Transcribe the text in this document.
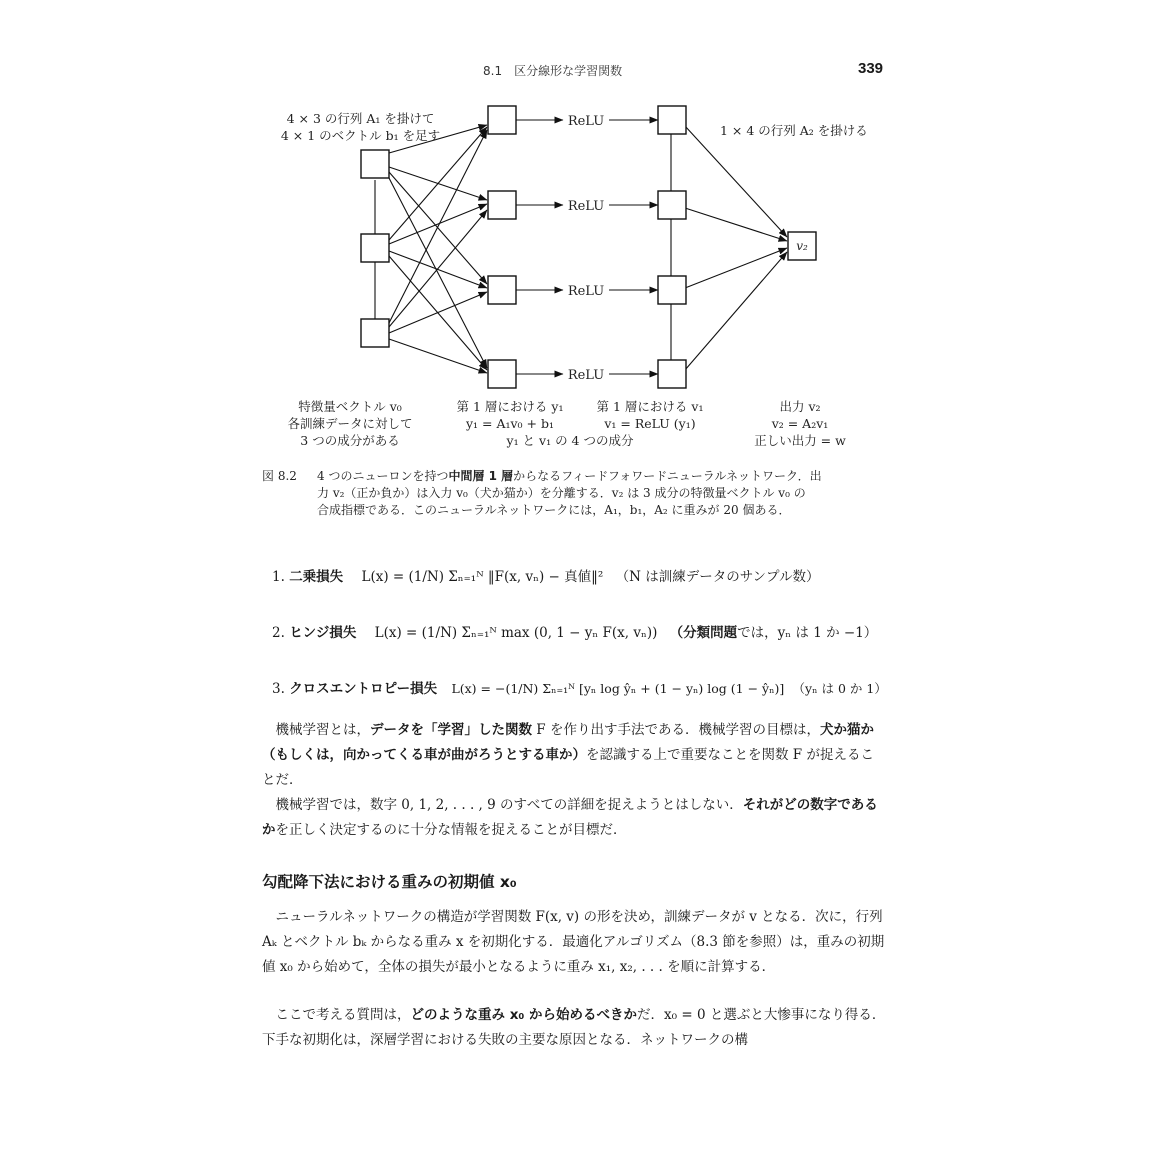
8.1　区分線形な学習関数	339
ReLU
ReLU
ReLU
ReLU
v₂
4 × 3 の行列 A₁ を掛けて
4 × 1 のベクトル b₁ を足す	1 × 4 の行列 A₂ を掛ける
特徴量ベクトル v₀
各訓練データに対して
3 つの成分がある
第 1 層における y₁
y₁ = A₁v₀ + b₁
第 1 層における v₁
v₁ = ReLU (y₁)
y₁ と v₁ の 4 つの成分
出力 v₂
v₂ = A₂v₁
正しい出力 = w
図 8.2	4 つのニューロンを持つ中間層 1 層からなるフィードフォワードニューラルネットワーク．出
力 v₂（正か負か）は入力 v₀（犬か猫か）を分離する．v₂ は 3 成分の特徴量ベクトル v₀ の
合成指標である．このニューラルネットワークには，A₁，b₁，A₂ に重みが 20 個ある．
1. 二乗損失 L(x) = (1/N) Σₙ₌₁ᴺ ‖F(x, vₙ) − 真値‖² （N は訓練データのサンプル数）
2. ヒンジ損失 L(x) = (1/N) Σₙ₌₁ᴺ max (0, 1 − yₙ F(x, vₙ)) （分類問題では，yₙ は 1 か −1）
3. クロスエントロピー損失 L(x) = −(1/N) Σₙ₌₁ᴺ [yₙ log ŷₙ + (1 − yₙ) log (1 − ŷₙ)] （yₙ は 0 か 1）
機械学習とは，データを「学習」した関数 F を作り出す手法である．機械学習の目標は，犬か猫か（もしくは，向かってくる車が曲がろうとする車か）を認識する上で重要なことを関数 F が捉えることだ．
機械学習では，数字 0, 1, 2, . . . , 9 のすべての詳細を捉えようとはしない．それがどの数字であるかを正しく決定するのに十分な情報を捉えることが目標だ．
勾配降下法における重みの初期値 x₀
ニューラルネットワークの構造が学習関数 F(x, v) の形を決め，訓練データが v となる．次に，行列 Aₖ とベクトル bₖ からなる重み x を初期化する．最適化アルゴリズム（8.3 節を参照）は，重みの初期値 x₀ から始めて，全体の損失が最小となるように重み x₁, x₂, . . . を順に計算する．
ここで考える質問は，どのような重み x₀ から始めるべきかだ．x₀ = 0 と選ぶと大惨事になり得る．下手な初期化は，深層学習における失敗の主要な原因となる．ネットワークの構
